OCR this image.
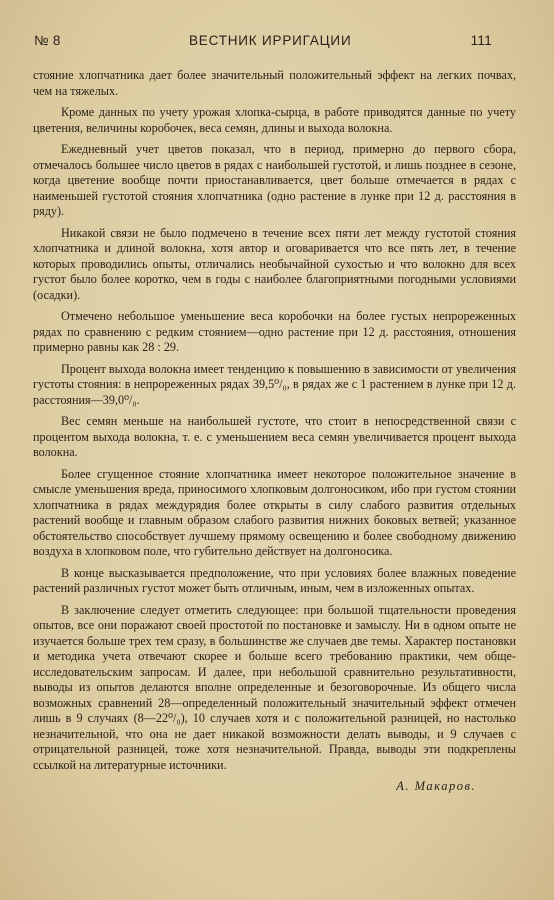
№ 8	ВЕСТНИК ИРРИГАЦИИ	111

стояние хлопчатника дает более значительный положительный эффект на легких почвах, чем на тяжелых.

Кроме данных по учету урожая хлопка-сырца, в работе приводятся данные по учету цветения, величины коробочек, веса семян, длины и выхода волокна.

Ежедневный учет цветов показал, что в период, примерно до первого сбора, отмечалось большее число цветов в рядах с наибольшей густотой, и лишь позднее в сезоне, когда цветение вообще почти приостанавливается, цвет больше отмечается в рядах с наименьшей густотой стояния хлопчатника (одно растение в лунке при 12 д. расстояния в ряду).

Никакой связи не было подмечено в течение всех пяти лет между густотой стояния хлопчатника и длиной волокна, хотя автор и оговаривается что все пять лет, в течение которых проводились опыты, отличались необычайной сухостью и что волокно для всех густот было более коротко, чем в годы с наиболее благоприятными погодными условиями (осадки).

Отмечено небольшое уменьшение веса коробочки на более густых непрореженных рядах по сравнению с редким стоянием—одно растение при 12 д. расстояния, отношения примерно равны как 28 : 29.

Процент выхода волокна имеет тенденцию к повышению в зависимости от увеличения густоты стояния: в непрореженных рядах 39,5⁰/₀, в рядах же с 1 растением в лунке при 12 д. расстояния—39,0⁰/₀.

Вес семян меньше на наибольшей густоте, что стоит в непосредственной связи с процентом выхода волокна, т. е. с уменьшением веса семян увеличивается процент выхода волокна.

Более сгущенное стояние хлопчатника имеет некоторое положительное значение в смысле уменьшения вреда, приносимого хлопковым долгоносиком, ибо при густом стоянии хлопчатника в рядах междурядия более открыты в силу слабого развития отдельных растений вообще и главным образом слабого развития нижних боковых ветвей; указанное обстоятельство способствует лучшему прямому освещению и более свободному движению воздуха в хлопковом поле, что губительно действует на долгоносика.

В конце высказывается предположение, что при условиях более влажных поведение растений различных густот может быть отличным, иным, чем в изложенных опытах.

В заключение следует отметить следующее: при большой тщательности проведения опытов, все они поражают своей простотой по постановке и замыслу. Ни в одном опыте не изучается больше трех тем сразу, в большинстве же случаев две темы. Характер постановки и методика учета отвечают скорее и больше всего требованию практики, чем обще-исследовательским запросам. И далее, при небольшой сравнительно результативности, выводы из опытов делаются вполне определенные и безоговорочные. Из общего числа возможных сравнений 28—определенный положительный значительный эффект отмечен лишь в 9 случаях (8—22⁰/₀), 10 случаев хотя и с положительной разницей, но настолько незначительной, что она не дает никакой возможности делать выводы, и 9 случаев с отрицательной разницей, тоже хотя незначительной. Правда, выводы эти подкреплены ссылкой на литературные источники.

А. Макаров.
